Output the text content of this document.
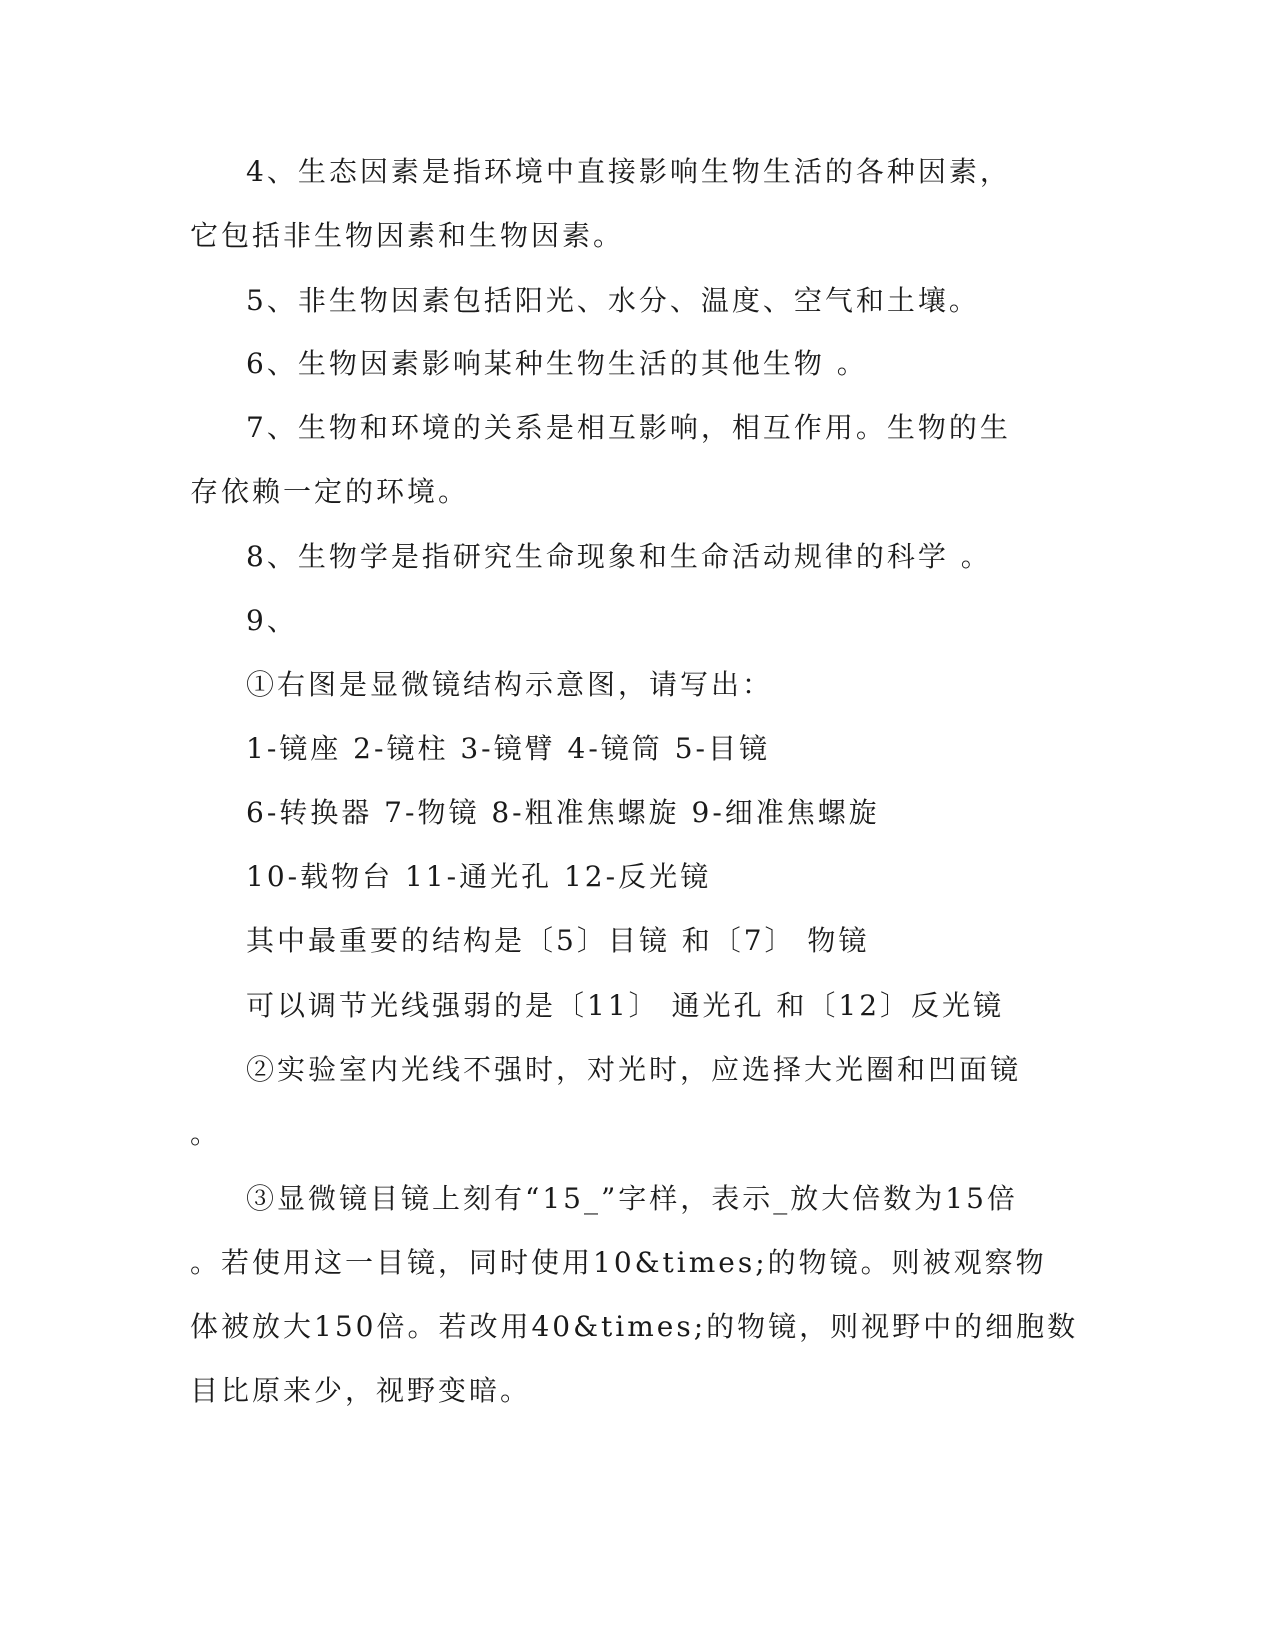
4、生态因素是指环境中直接影响生物生活的各种因素，
它包括非生物因素和生物因素。
5、非生物因素包括阳光、水分、温度、空气和土壤。
6、生物因素影响某种生物生活的其他生物 。
7、生物和环境的关系是相互影响，相互作用。生物的生
存依赖一定的环境。
8、生物学是指研究生命现象和生命活动规律的科学 。
9、
①右图是显微镜结构示意图，请写出：
1-镜座 2-镜柱 3-镜臂 4-镜筒 5-目镜
6-转换器 7-物镜 8-粗准焦螺旋 9-细准焦螺旋
10-载物台 11-通光孔 12-反光镜
其中最重要的结构是〔5〕目镜 和〔7〕 物镜
可以调节光线强弱的是〔11〕 通光孔 和〔12〕反光镜
②实验室内光线不强时，对光时，应选择大光圈和凹面镜
。
③显微镜目镜上刻有“15_”字样，表示_放大倍数为15倍
。若使用这一目镜，同时使用10&times;的物镜。则被观察物
体被放大150倍。若改用40&times;的物镜，则视野中的细胞数
目比原来少，视野变暗。
